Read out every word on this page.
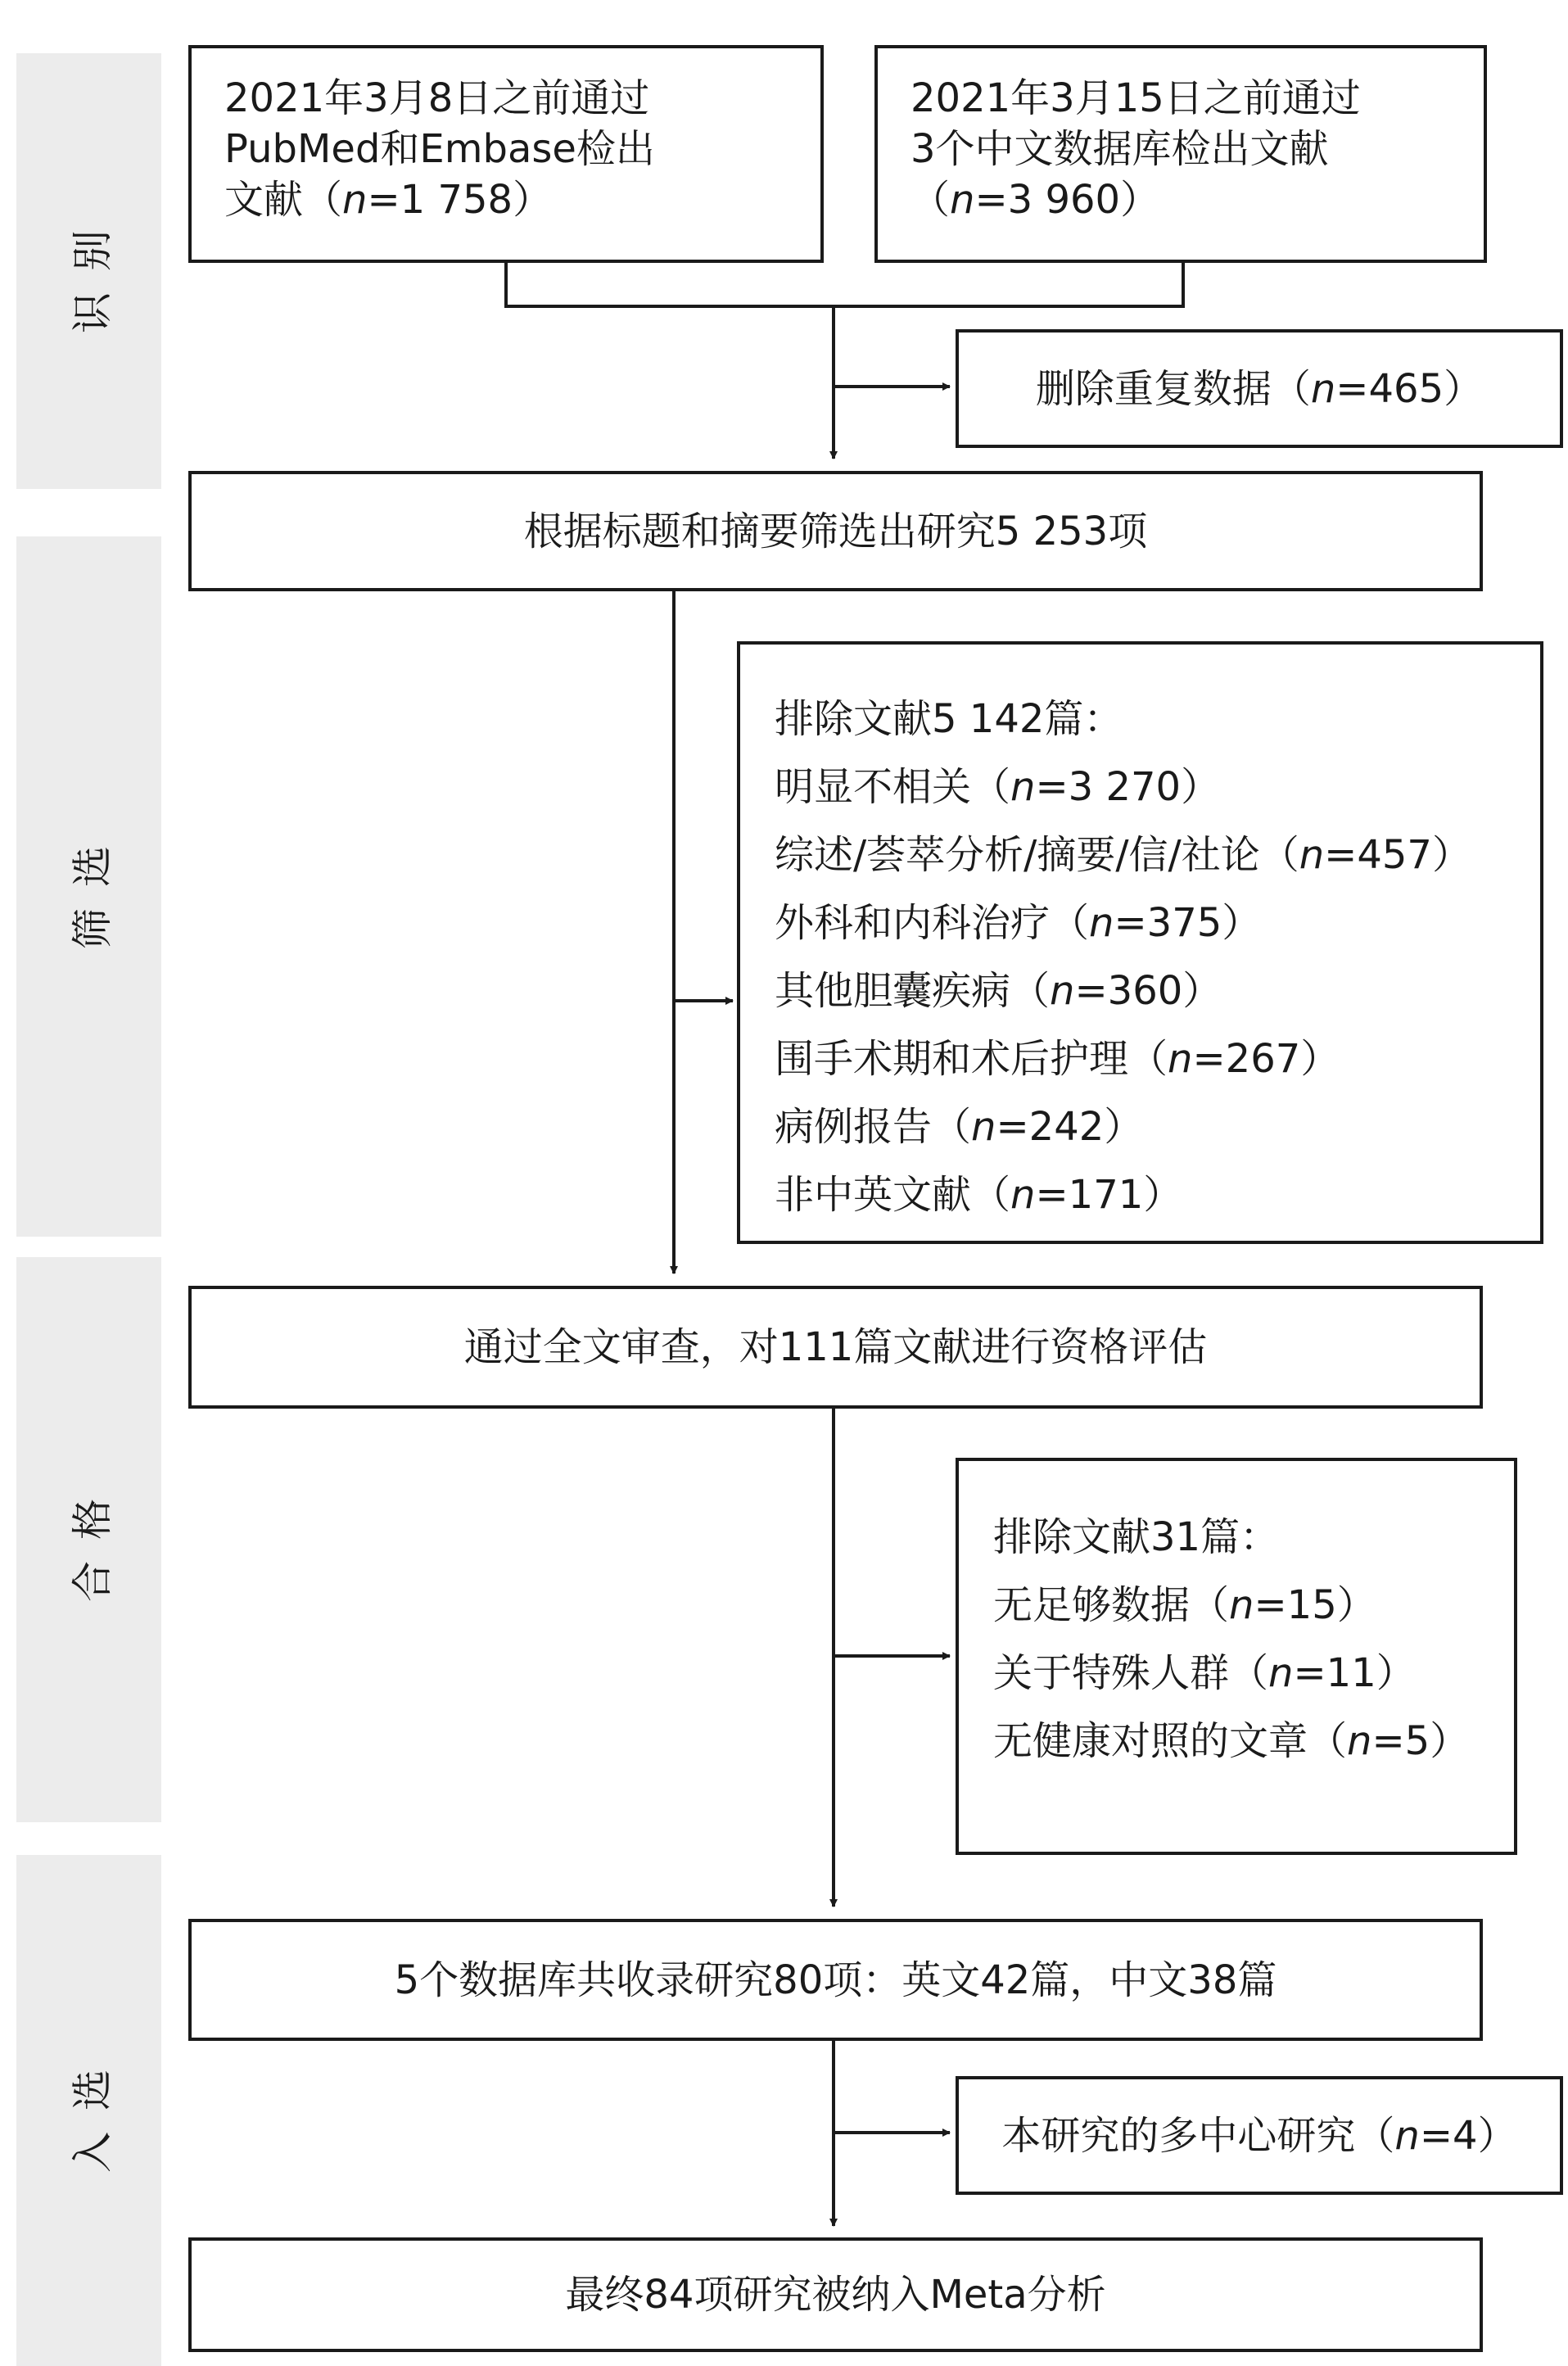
识别
筛选
合格
入选
2021年3月8日之前通过
PubMed和Embase检出
文献（n=1 758）
2021年3月15日之前通过
3个中文数据库检出文献
（n=3 960）
删除重复数据（n=465）
根据标题和摘要筛选出研究5 253项
排除文献5 142篇：
明显不相关（n=3 270）
综述/荟萃分析/摘要/信/社论（n=457）
外科和内科治疗（n=375）
其他胆囊疾病（n=360）
围手术期和术后护理（n=267）
病例报告（n=242）
非中英文献（n=171）
通过全文审查，对111篇文献进行资格评估
排除文献31篇：
无足够数据（n=15）
关于特殊人群（n=11）
无健康对照的文章（n=5）
5个数据库共收录研究80项：英文42篇，中文38篇
本研究的多中心研究（n=4）
最终84项研究被纳入Meta分析
